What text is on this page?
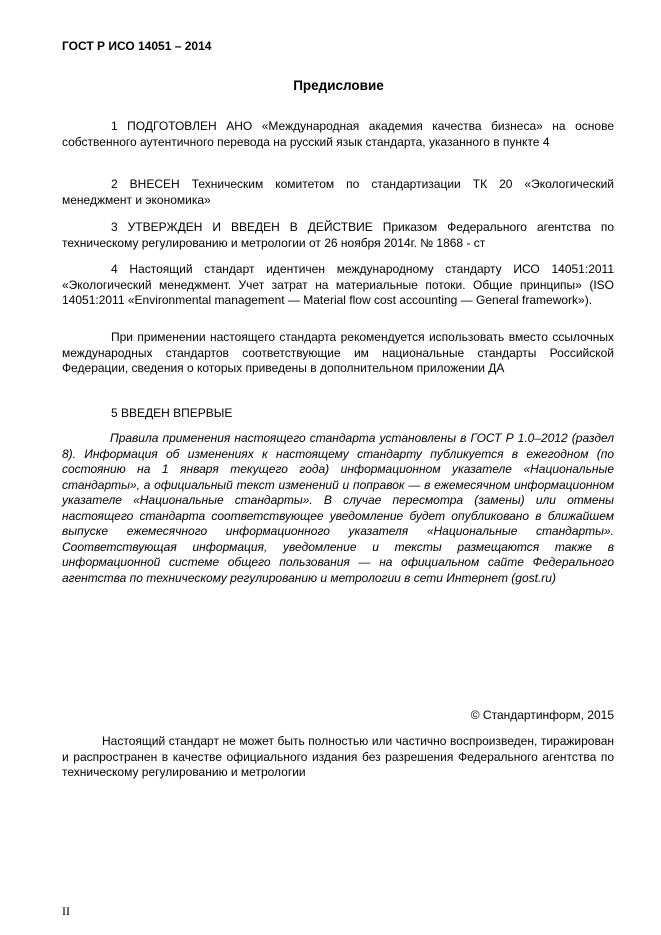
ГОСТ Р ИСО 14051 – 2014
Предисловие

1 ПОДГОТОВЛЕН АНО «Международная академия качества бизнеса» на основе собственного аутентичного перевода на русский язык стандарта, указанного в пункте 4

2 ВНЕСЕН Техническим комитетом по стандартизации ТК 20 «Экологический менеджмент и экономика»

3 УТВЕРЖДЕН И ВВЕДЕН В ДЕЙСТВИЕ Приказом Федерального агентства по техническому регулированию и метрологии от 26 ноября 2014г. № 1868 - ст

4 Настоящий стандарт идентичен международному стандарту ИСО 14051:2011 «Экологический менеджмент. Учет затрат на материальные потоки. Общие принципы» (ISO 14051:2011 «Environmental management — Material flow cost accounting — General framework»).

При применении настоящего стандарта рекомендуется использовать вместо ссылочных международных стандартов соответствующие им национальные стандарты Российской Федерации, сведения о которых приведены в дополнительном приложении ДА

5 ВВЕДЕН ВПЕРВЫЕ

Правила применения настоящего стандарта установлены в ГОСТ Р 1.0–2012 (раздел 8). Информация об изменениях к настоящему стандарту публикуется в ежегодном (по состоянию на 1 января текущего года) информационном указателе «Национальные стандарты», а официальный текст изменений и поправок — в ежемесячном информационном указателе «Национальные стандарты». В случае пересмотра (замены) или отмены настоящего стандарта соответствующее уведомление будет опубликовано в ближайшем выпуске ежемесячного информационного указателя «Национальные стандарты». Соответствующая информация, уведомление и тексты размещаются также в информационной системе общего пользования — на официальном сайте Федерального агентства по техническому регулированию и метрологии в сети Интернет (gost.ru)

© Стандартинформ, 2015

Настоящий стандарт не может быть полностью или частично воспроизведен, тиражирован и распространен в качестве официального издания без разрешения Федерального агентства по техническому регулированию и метрологии

II
